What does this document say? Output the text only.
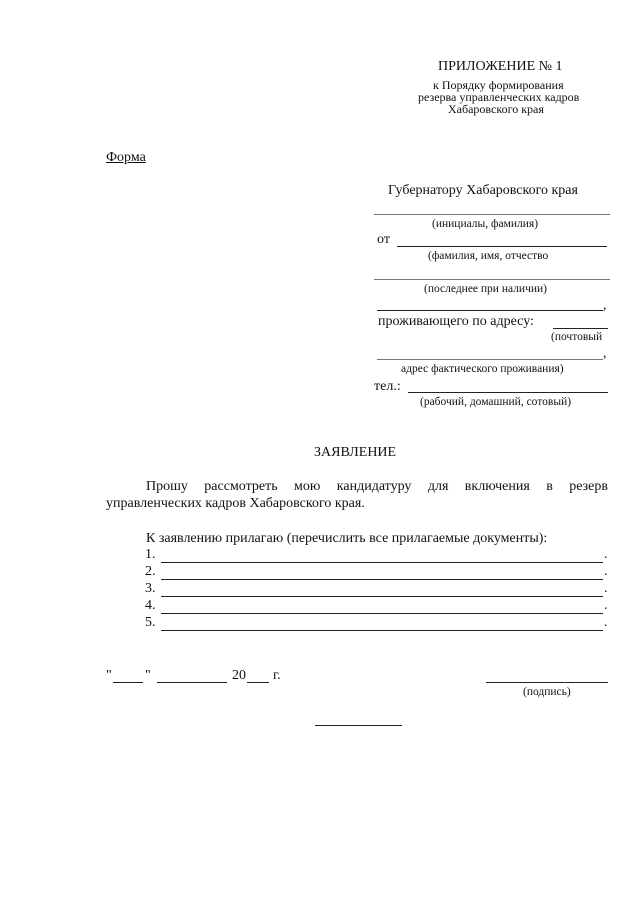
ПРИЛОЖЕНИЕ № 1
к Порядку формирования
резерва управленческих кадров
Хабаровского края
Форма
Губернатору Хабаровского края
(инициалы, фамилия)
от
(фамилия, имя, отчество
(последнее при наличии)
,
проживающего по адресу:
(почтовый
,
адрес фактического проживания)
тел.:
(рабочий, домашний, сотовый)
ЗАЯВЛЕНИЕ
Прошу рассмотреть мою кандидатуру для включения в резерв
управленческих кадров Хабаровского края.
К заявлению прилагаю (перечислить все прилагаемые документы):
1.	.
2.	.
3.	.
4.	.
5.	.
" "	20 г.
(подпись)
